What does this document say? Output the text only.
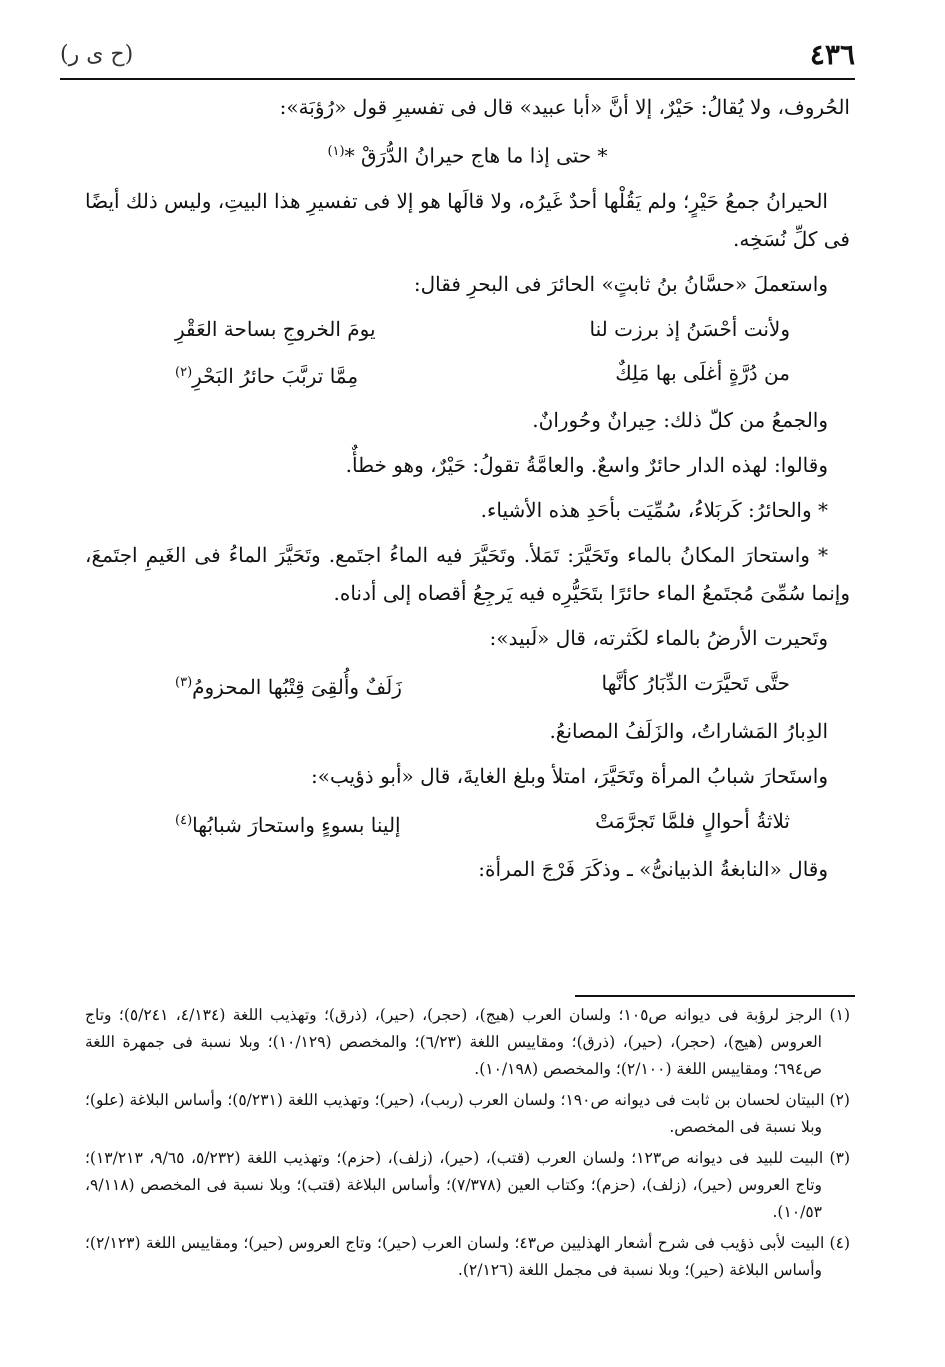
٤٣٦
(ح ى ر)

الحُروف، ولا يُقالُ: حَيْرٌ، إلا أنَّ «أبا عبيد» قال فى تفسيرِ قول «رُؤبَة»:

* حتى إذا ما هاج حيرانُ الدُّرَقْ *$^{(١)}$

الحيرانُ جمعُ حَيْرٍ؛ ولم يَقُلْها أحدٌ غَيرُه، ولا قالَها هو إلا فى تفسيرِ هذا البيتِ، وليس ذلك أيضًا فى كلِّ نُسَخِه.

واستعملَ «حسَّانُ بنُ ثابتٍ» الحائرَ فى البحرِ فقال:

ولأنت أحْسَنُ إذ برزت لنا
يومَ الخروجِ بساحة العَقْرِ
من دُرَّةٍ أغلَى بها مَلِكٌ
مِمَّا تربَّبَ حائرُ البَحْرِ(٢)

والجمعُ من كلّ ذلك: حِيرانٌ وحُورانٌ.

وقالوا: لهذه الدار حائرٌ واسعٌ. والعامَّةُ تقولُ: حَيْرٌ، وهو خطأٌ.

* والحائرُ: كَربَلاءُ، سُمِّيَت بأحَدِ هذه الأشياء.

* واستحارَ المكانُ بالماء وتَحَيَّرَ: تَمَلأ. وتَحَيَّرَ فيه الماءُ اجتَمع. وتَحَيَّرَ الماءُ فى الغَيمِ اجتَمعَ، وإنما سُمِّىَ مُجتَمعُ الماء حائرًا بتَحَيُّرِه فيه يَرجِعُ أقصاه إلى أدناه.

وتَحيرت الأرضُ بالماء لكَثرته، قال «لَبيد»:

حتَّى تَحيَّرَت الدِّبَارُ كأنَّها
زَلَفٌ وأُلقِىَ قِتْبُها المحزومُ(٣)

الدِبارُ المَشاراتُ، والزَلَفُ المصانعُ.

واستَحارَ شبابُ المرأة وتَحَيَّرَ، امتلأ وبلغ الغايةَ، قال «أبو ذؤيب»:

ثلاثةُ أحوالٍ فلمَّا تَجرَّمَتْ
إلينا بسوءٍ واستحارَ شبابُها(٤)

وقال «النابغةُ الذبيانىُّ» ـ وذكَرَ فَرْجَ المرأة:

(١) الرجز لرؤبة فى ديوانه ص١٠٥؛ ولسان العرب (هيج)، (حجر)، (حير)، (ذرق)؛ وتهذيب اللغة (٤/١٣٤، ٥/٢٤١)؛ وتاج العروس (هيج)، (حجر)، (حير)، (ذرق)؛ ومقاييس اللغة (٦/٢٣)؛ والمخصص (١٠/١٢٩)؛ وبلا نسبة فى جمهرة اللغة ص٦٩٤؛ ومقاييس اللغة (٢/١٠٠)؛ والمخصص (١٠/١٩٨).

(٢) البيتان لحسان بن ثابت فى ديوانه ص١٩٠؛ ولسان العرب (ربب)، (حير)؛ وتهذيب اللغة (٥/٢٣١)؛ وأساس البلاغة (علو)؛ وبلا نسبة فى المخصص.

(٣) البيت للبيد فى ديوانه ص١٢٣؛ ولسان العرب (قتب)، (حير)، (زلف)، (حزم)؛ وتهذيب اللغة (٥/٢٣٢، ٩/٦٥، ١٣/٢١٣)؛ وتاج العروس (حير)، (زلف)، (حزم)؛ وكتاب العين (٧/٣٧٨)؛ وأساس البلاغة (قتب)؛ وبلا نسبة فى المخصص (٩/١١٨، ١٠/٥٣).

(٤) البيت لأبى ذؤيب فى شرح أشعار الهذليين ص٤٣؛ ولسان العرب (حير)؛ وتاج العروس (حير)؛ ومقاييس اللغة (٢/١٢٣)؛ وأساس البلاغة (حير)؛ وبلا نسبة فى مجمل اللغة (٢/١٢٦).
